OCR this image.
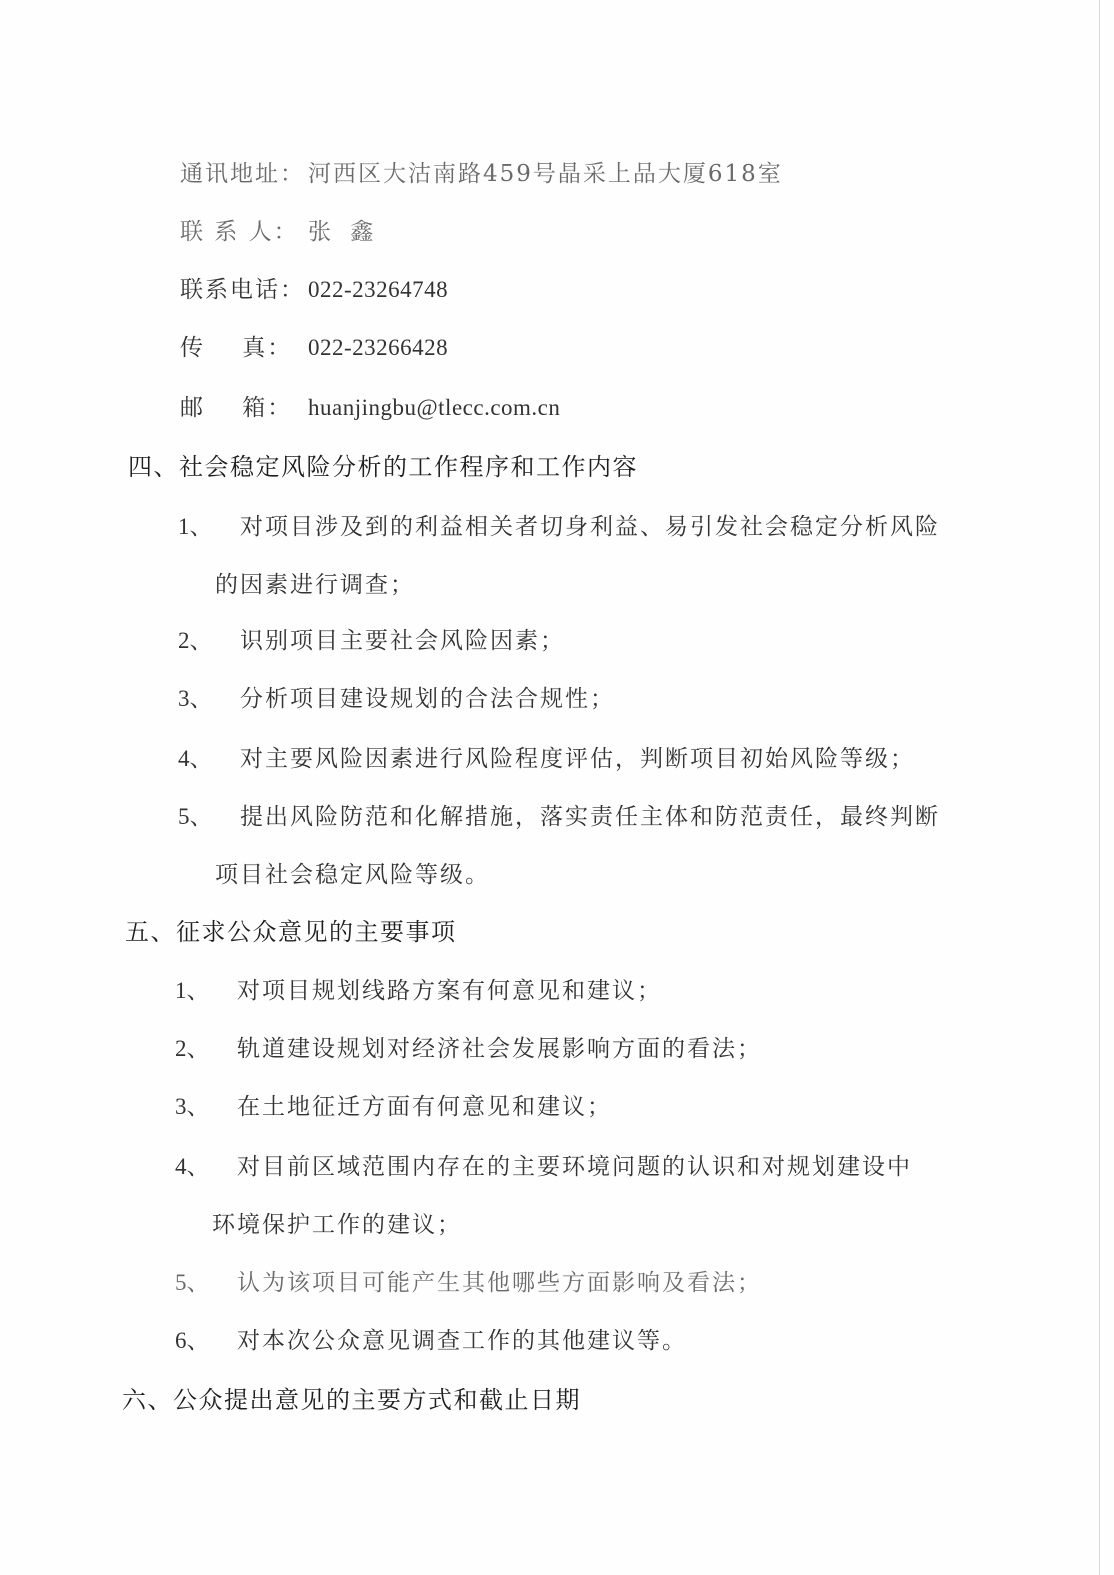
通讯地址： 河西区大沽南路459号晶采上品大厦618室
联 系 人： 张 鑫
联系电话： 022-23264748
传    真： 022-23266428
邮    箱： huanjingbu@tlecc.com.cn
四、社会稳定风险分析的工作程序和工作内容
1、 对项目涉及到的利益相关者切身利益、易引发社会稳定分析风险
的因素进行调查；
2、 识别项目主要社会风险因素；
3、 分析项目建设规划的合法合规性；
4、 对主要风险因素进行风险程度评估，判断项目初始风险等级；
5、 提出风险防范和化解措施，落实责任主体和防范责任，最终判断
项目社会稳定风险等级。
五、征求公众意见的主要事项
1、 对项目规划线路方案有何意见和建议；
2、 轨道建设规划对经济社会发展影响方面的看法；
3、 在土地征迁方面有何意见和建议；
4、 对目前区域范围内存在的主要环境问题的认识和对规划建设中
环境保护工作的建议；
5、 认为该项目可能产生其他哪些方面影响及看法；
6、 对本次公众意见调查工作的其他建议等。
六、公众提出意见的主要方式和截止日期
